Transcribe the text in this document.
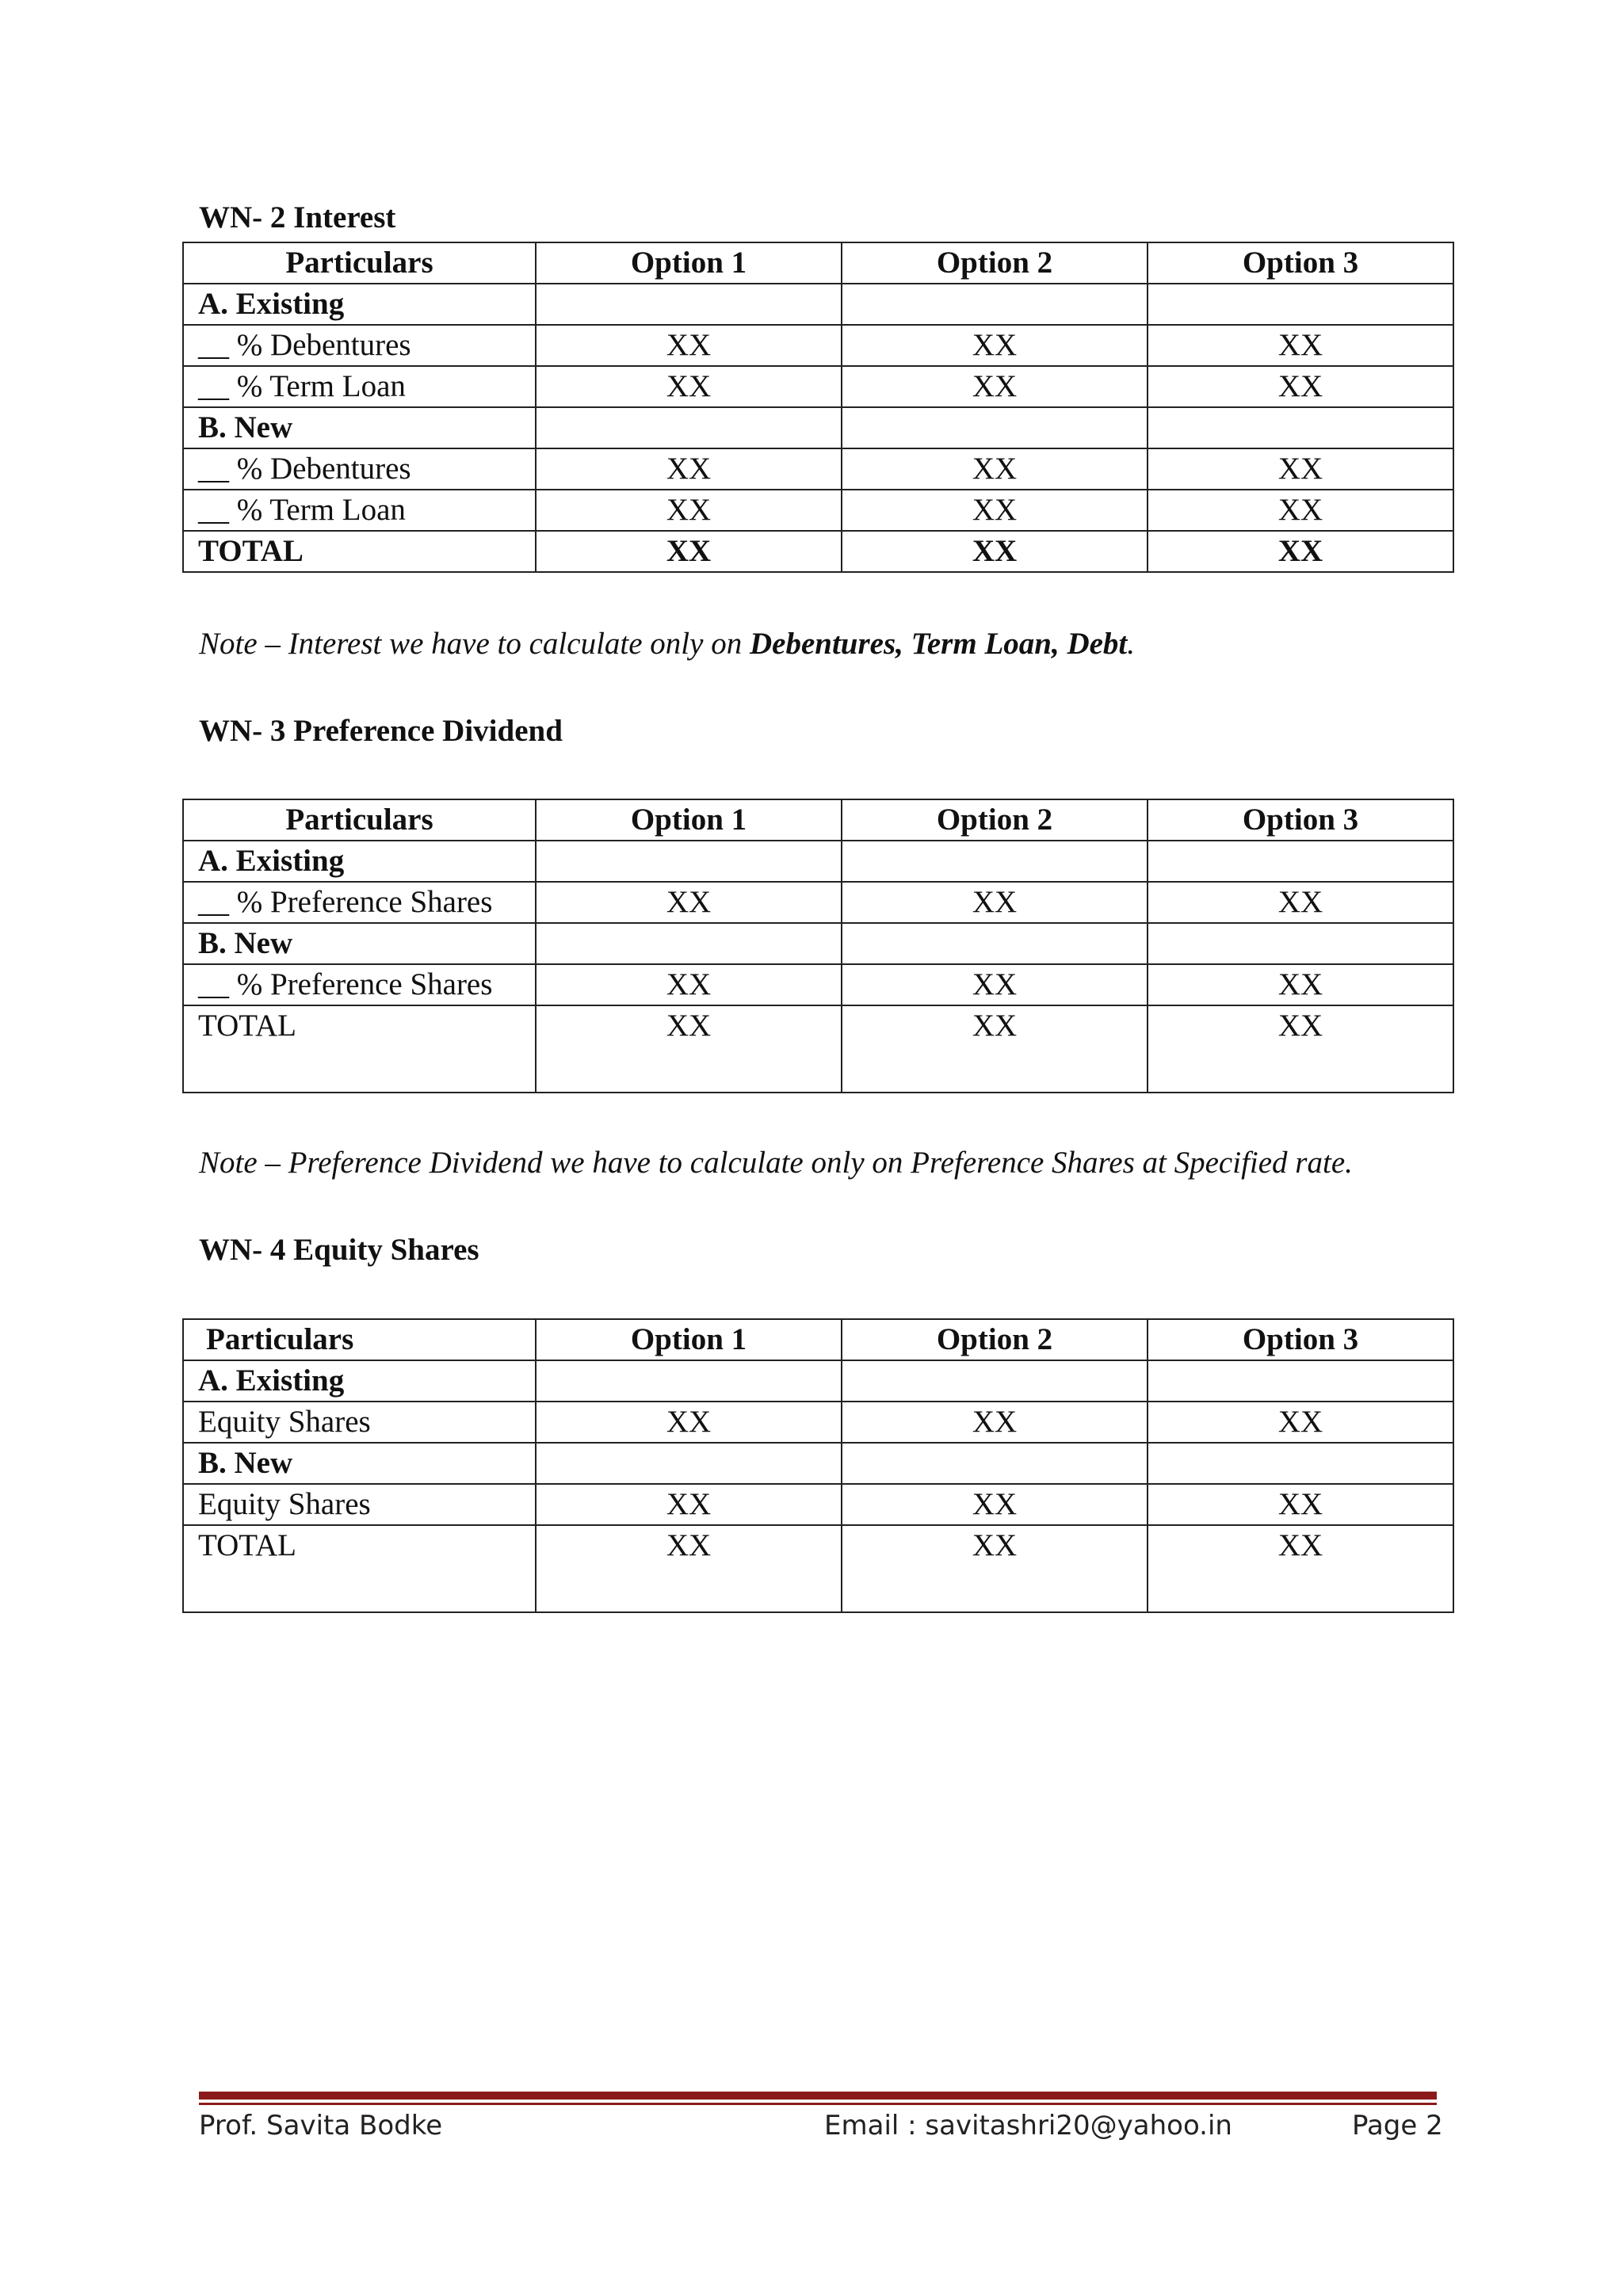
WN- 2 Interest
Particulars	Option 1	Option 2	Option 3
A. Existing			
__ % Debentures	XX	XX	XX
__ % Term Loan	XX	XX	XX
B. New			
__ % Debentures	XX	XX	XX
__ % Term Loan	XX	XX	XX
TOTAL	XX	XX	XX
Note – Interest we have to calculate only on Debentures, Term Loan, Debt.
WN- 3 Preference Dividend
Particulars	Option 1	Option 2	Option 3
A. Existing			
__ % Preference Shares	XX	XX	XX
B. New			
__ % Preference Shares	XX	XX	XX
TOTAL	XX	XX	XX
Note – Preference Dividend we have to calculate only on Preference Shares at Specified rate.
WN- 4 Equity Shares
Particulars	Option 1	Option 2	Option 3
A. Existing			
Equity Shares	XX	XX	XX
B. New			
Equity Shares	XX	XX	XX
TOTAL	XX	XX	XX
Prof. Savita Bodke	Email : savitashri20@yahoo.in	Page 2
